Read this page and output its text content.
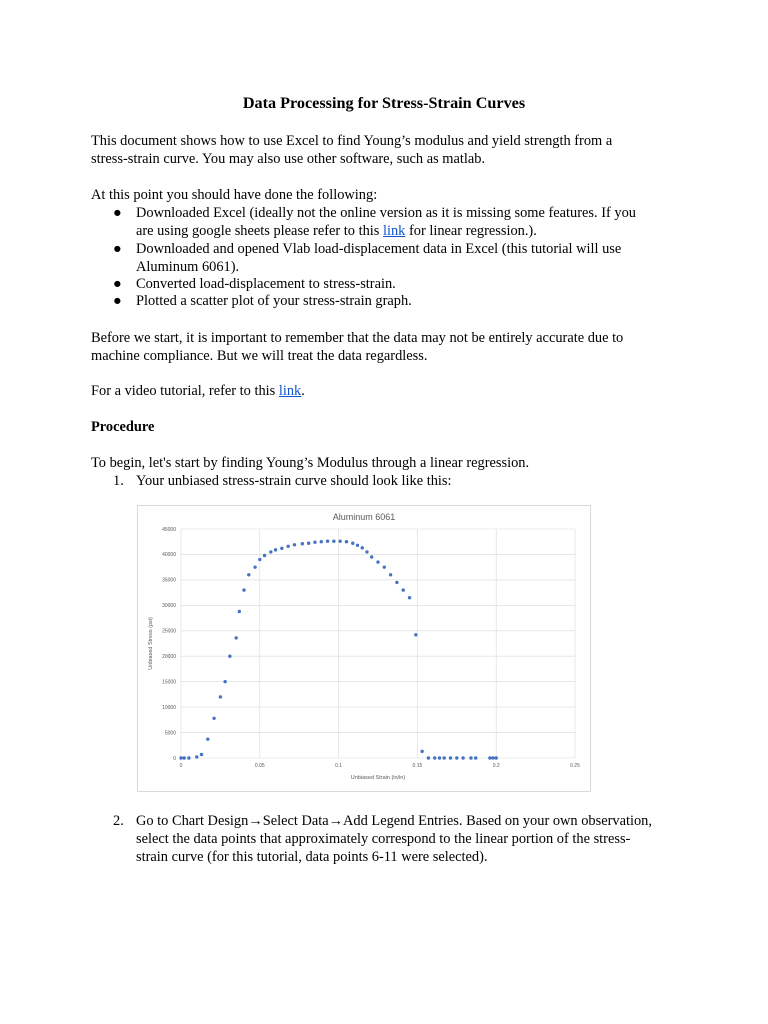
Data Processing for Stress-Strain Curves
This document shows how to use Excel to find Young’s modulus and yield strength from a
stress-strain curve. You may also use other software, such as matlab.
At this point you should have done the following:
● Downloaded Excel (ideally not the online version as it is missing some features. If you
are using google sheets please refer to this link for linear regression.).
● Downloaded and opened Vlab load-displacement data in Excel (this tutorial will use
Aluminum 6061).
● Converted load-displacement to stress-strain.
● Plotted a scatter plot of your stress-strain graph.
Before we start, it is important to remember that the data may not be entirely accurate due to
machine compliance. But we will treat the data regardless.
For a video tutorial, refer to this link.
Procedure
To begin, let's start by finding Young’s Modulus through a linear regression.
1. Your unbiased stress-strain curve should look like this:
0
5000
10000
15000
20000
25000
30000
35000
40000
45000
0	0.05	0.1	0.15	0.2	0.25
Aluminum 6061
Unbiased Strain (in/in)
Unbiased Stress (psi)
2. Go to Chart Design→Select Data→Add Legend Entries. Based on your own observation,
select the data points that approximately correspond to the linear portion of the stress-
strain curve (for this tutorial, data points 6-11 were selected).
